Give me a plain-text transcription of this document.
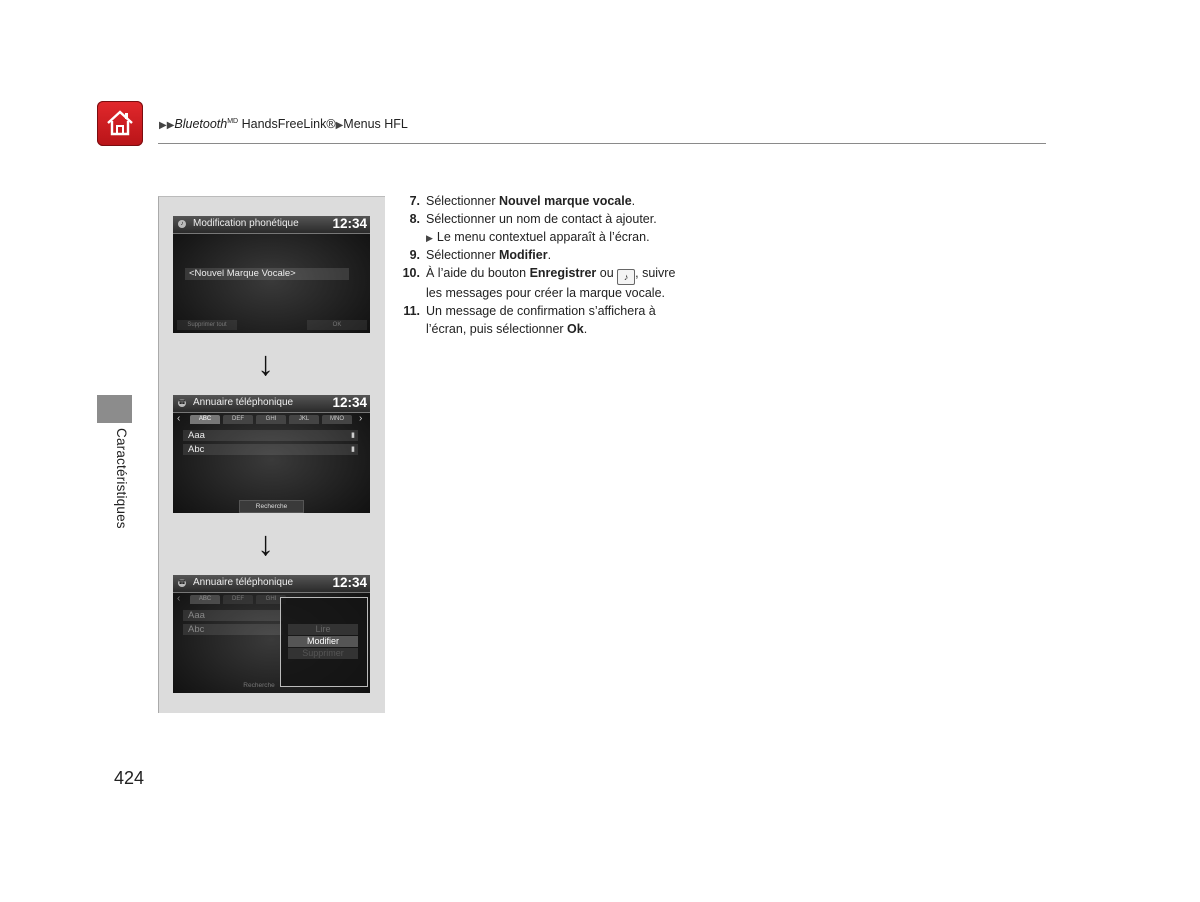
▶▶Bluetooth$^{MD}$ HandsFreeLink®▶Menus HFL
Caractéristiques
424
♪ Modification phonétique	12:34
<Nouvel Marque Vocale>
Supprimer tout	OK
↓
☎ Annuaire téléphonique	12:34
‹	ABC	DEF	GHI	JKL	MNO	›
Aaa	▮
Abc	▮
Recherche
↓
☎ Annuaire téléphonique	12:34
‹	ABC	DEF	GHI
Aaa
Abc
Recherche
Lire
Modifier
Supprimer
7. Sélectionner Nouvel marque vocale.
8. Sélectionner un nom de contact à ajouter.
▶ Le menu contextuel apparaît à l’écran.
9. Sélectionner Modifier.
10. À l’aide du bouton Enregistrer ou ♪ , suivre
les messages pour créer la marque vocale.
11. Un message de confirmation s’affichera à
l’écran, puis sélectionner Ok.
